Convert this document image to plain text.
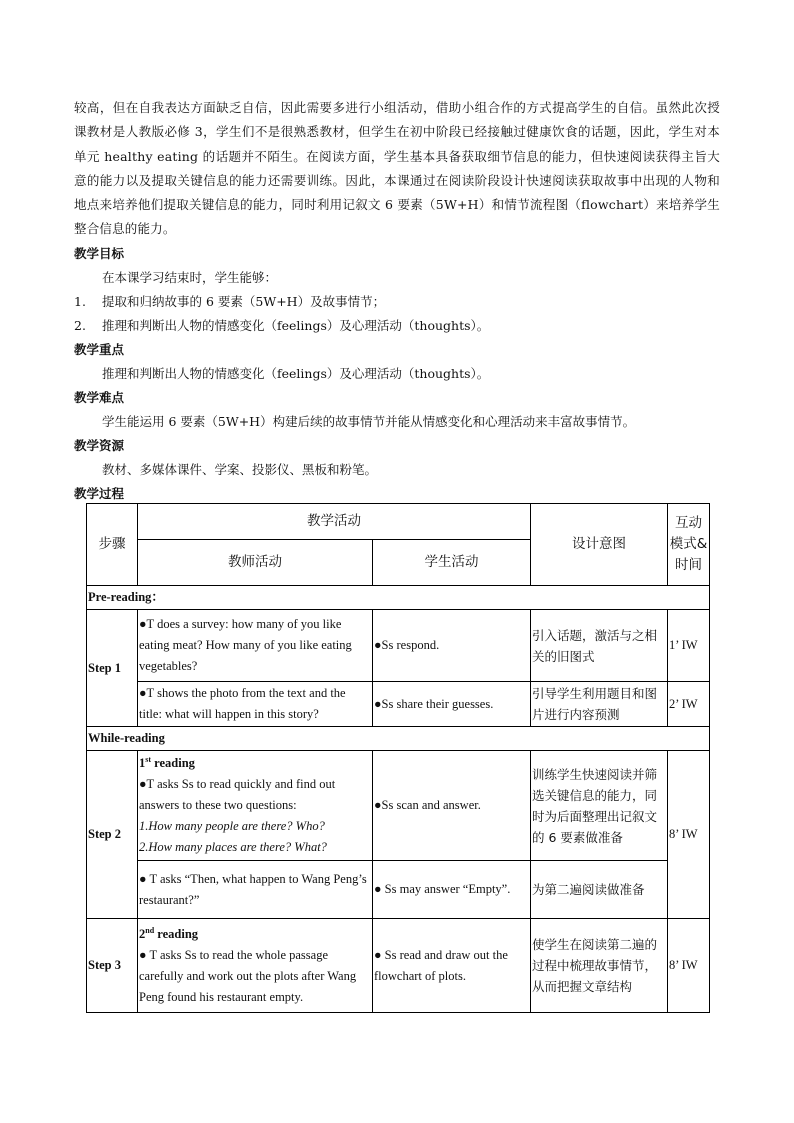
较高，但在自我表达方面缺乏自信，因此需要多进行小组活动，借助小组合作的方式提高学生的自信。虽然此次授课教材是人教版必修 3，学生们不是很熟悉教材，但学生在初中阶段已经接触过健康饮食的话题，因此，学生对本单元 healthy eating 的话题并不陌生。在阅读方面，学生基本具备获取细节信息的能力，但快速阅读获得主旨大意的能力以及提取关键信息的能力还需要训练。因此，本课通过在阅读阶段设计快速阅读获取故事中出现的人物和地点来培养他们提取关键信息的能力，同时利用记叙文 6 要素（5W+H）和情节流程图（flowchart）来培养学生整合信息的能力。

教学目标

在本课学习结束时，学生能够：

1.	提取和归纳故事的 6 要素（5W+H）及故事情节；
2.	推理和判断出人物的情感变化（feelings）及心理活动（thoughts）。

教学重点

推理和判断出人物的情感变化（feelings）及心理活动（thoughts）。

教学难点

学生能运用 6 要素（5W+H）构建后续的故事情节并能从情感变化和心理活动来丰富故事情节。

教学资源

教材、多媒体课件、学案、投影仪、黑板和粉笔。

教学过程

步骤	教学活动		设计意图	互动模式&时间
	教师活动	学生活动		
Pre-reading：				
Step 1	●T does a survey: how many of you like eating meat? How many of you like eating vegetables?	●Ss respond.	引入话题，激活与之相关的旧图式	1’ IW
	●T shows the photo from the text and the title: what will happen in this story?	●Ss share their guesses.	引导学生利用题目和图片进行内容预测	2’ IW
While-reading				
Step 2	1st reading
●T asks Ss to read quickly and find out answers to these two questions:
1.How many people are there? Who?
2.How many places are there? What?	●Ss scan and answer.	训练学生快速阅读并筛选关键信息的能力，同时为后面整理出记叙文的 6 要素做准备	8’ IW
	● T asks “Then, what happen to Wang Peng’s restaurant?”	● Ss may answer “Empty”.	为第二遍阅读做准备	
Step 3	2nd reading
● T asks Ss to read the whole passage carefully and work out the plots after Wang Peng found his restaurant empty.	● Ss read and draw out the flowchart of plots.	使学生在阅读第二遍的过程中梳理故事情节，从而把握文章结构	8’ IW
